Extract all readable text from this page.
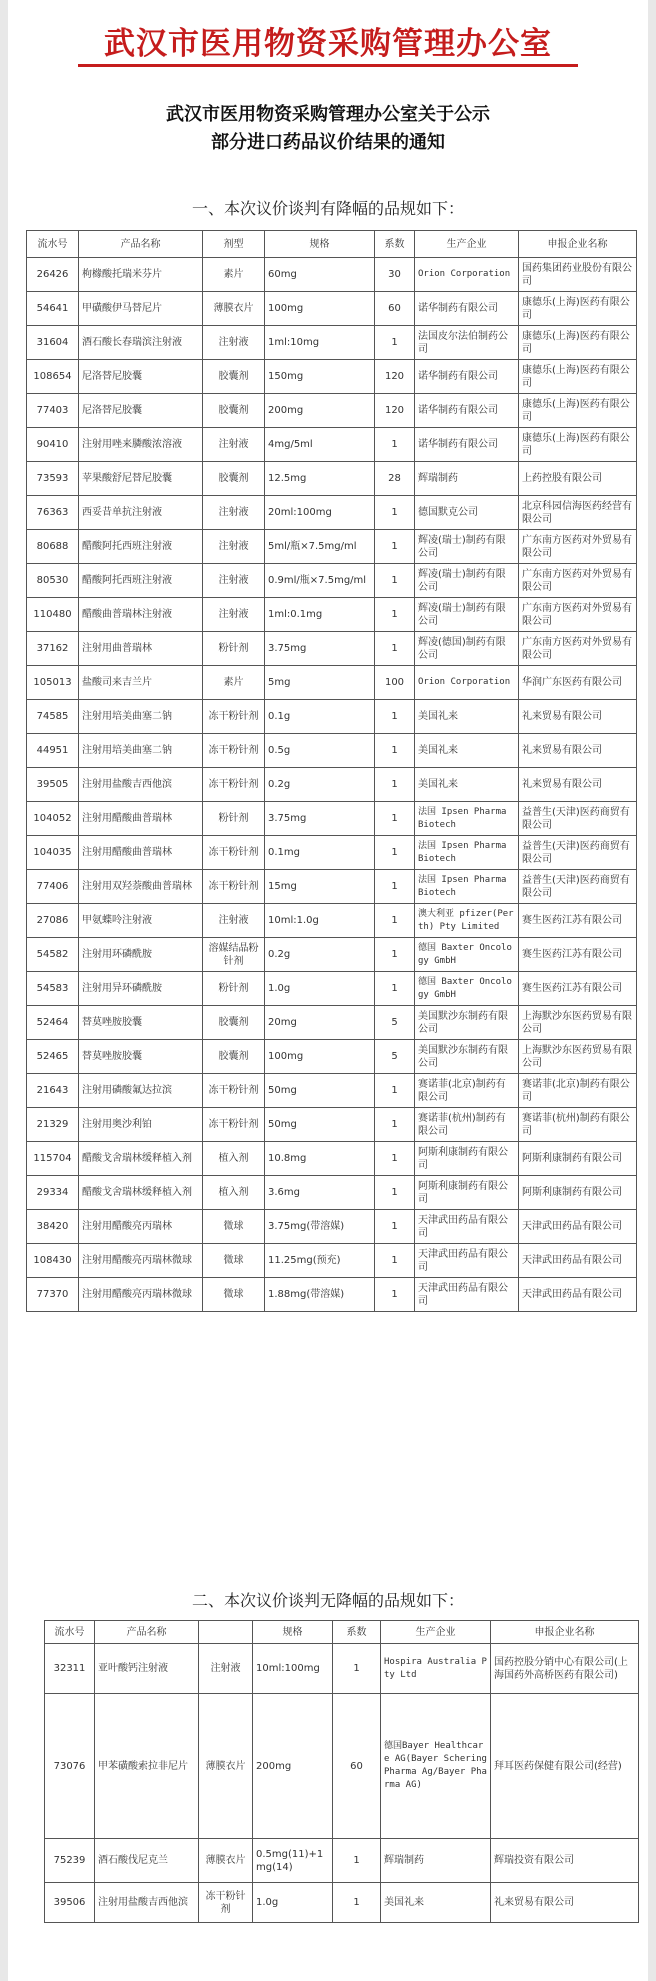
武汉市医用物资采购管理办公室
武汉市医用物资采购管理办公室关于公示
部分进口药品议价结果的通知
一、本次议价谈判有降幅的品规如下：
流水号	产品名称	剂型	规格	系数	生产企业	申报企业名称
26426	枸橼酸托瑞米芬片	素片	60mg	30	Orion Corporation	国药集团药业股份有限公司
54641	甲磺酸伊马替尼片	薄膜衣片	100mg	60	诺华制药有限公司	康德乐(上海)医药有限公司
31604	酒石酸长春瑞滨注射液	注射液	1ml:10mg	1	法国皮尔法伯制药公司	康德乐(上海)医药有限公司
108654	尼洛替尼胶囊	胶囊剂	150mg	120	诺华制药有限公司	康德乐(上海)医药有限公司
77403	尼洛替尼胶囊	胶囊剂	200mg	120	诺华制药有限公司	康德乐(上海)医药有限公司
90410	注射用唑来膦酸浓溶液	注射液	4mg/5ml	1	诺华制药有限公司	康德乐(上海)医药有限公司
73593	苹果酸舒尼替尼胶囊	胶囊剂	12.5mg	28	辉瑞制药	上药控股有限公司
76363	西妥昔单抗注射液	注射液	20ml:100mg	1	德国默克公司	北京科园信海医药经营有限公司
80688	醋酸阿托西班注射液	注射液	5ml/瓶×7.5mg/ml	1	辉凌(瑞士)制药有限公司	广东南方医药对外贸易有限公司
80530	醋酸阿托西班注射液	注射液	0.9ml/瓶×7.5mg/ml	1	辉凌(瑞士)制药有限公司	广东南方医药对外贸易有限公司
110480	醋酸曲普瑞林注射液	注射液	1ml:0.1mg	1	辉凌(瑞士)制药有限公司	广东南方医药对外贸易有限公司
37162	注射用曲普瑞林	粉针剂	3.75mg	1	辉凌(德国)制药有限公司	广东南方医药对外贸易有限公司
105013	盐酸司来吉兰片	素片	5mg	100	Orion Corporation	华润广东医药有限公司
74585	注射用培美曲塞二钠	冻干粉针剂	0.1g	1	美国礼来	礼来贸易有限公司
44951	注射用培美曲塞二钠	冻干粉针剂	0.5g	1	美国礼来	礼来贸易有限公司
39505	注射用盐酸吉西他滨	冻干粉针剂	0.2g	1	美国礼来	礼来贸易有限公司
104052	注射用醋酸曲普瑞林	粉针剂	3.75mg	1	法国 Ipsen Pharma Biotech	益普生(天津)医药商贸有限公司
104035	注射用醋酸曲普瑞林	冻干粉针剂	0.1mg	1	法国 Ipsen Pharma Biotech	益普生(天津)医药商贸有限公司
77406	注射用双羟萘酸曲普瑞林	冻干粉针剂	15mg	1	法国 Ipsen Pharma Biotech	益普生(天津)医药商贸有限公司
27086	甲氨蝶呤注射液	注射液	10ml:1.0g	1	澳大利亚 pfizer(Perth) Pty Limited	赛生医药江苏有限公司
54582	注射用环磷酰胺	溶媒结晶粉针剂	0.2g	1	德国 Baxter Oncology GmbH	赛生医药江苏有限公司
54583	注射用异环磷酰胺	粉针剂	1.0g	1	德国 Baxter Oncology GmbH	赛生医药江苏有限公司
52464	替莫唑胺胶囊	胶囊剂	20mg	5	美国默沙东制药有限公司	上海默沙东医药贸易有限公司
52465	替莫唑胺胶囊	胶囊剂	100mg	5	美国默沙东制药有限公司	上海默沙东医药贸易有限公司
21643	注射用磷酸氟达拉滨	冻干粉针剂	50mg	1	赛诺菲(北京)制药有限公司	赛诺菲(北京)制药有限公司
21329	注射用奥沙利铂	冻干粉针剂	50mg	1	赛诺菲(杭州)制药有限公司	赛诺菲(杭州)制药有限公司
115704	醋酸戈舍瑞林缓释植入剂	植入剂	10.8mg	1	阿斯利康制药有限公司	阿斯利康制药有限公司
29334	醋酸戈舍瑞林缓释植入剂	植入剂	3.6mg	1	阿斯利康制药有限公司	阿斯利康制药有限公司
38420	注射用醋酸亮丙瑞林	微球	3.75mg(带溶媒)	1	天津武田药品有限公司	天津武田药品有限公司
108430	注射用醋酸亮丙瑞林微球	微球	11.25mg(预充)	1	天津武田药品有限公司	天津武田药品有限公司
77370	注射用醋酸亮丙瑞林微球	微球	1.88mg(带溶媒)	1	天津武田药品有限公司	天津武田药品有限公司
二、本次议价谈判无降幅的品规如下：
流水号	产品名称		规格	系数	生产企业	申报企业名称
32311	亚叶酸钙注射液	注射液	10ml:100mg	1	Hospira Australia Pty Ltd	国药控股分销中心有限公司(上海国药外高桥医药有限公司)
73076	甲苯磺酸索拉非尼片	薄膜衣片	200mg	60	德国Bayer Healthcare AG(Bayer Schering Pharma Ag/Bayer Pharma AG)	拜耳医药保健有限公司(经营)
75239	酒石酸伐尼克兰	薄膜衣片	0.5mg(11)+1mg(14)	1	辉瑞制药	辉瑞投资有限公司
39506	注射用盐酸吉西他滨	冻干粉针剂	1.0g	1	美国礼来	礼来贸易有限公司
